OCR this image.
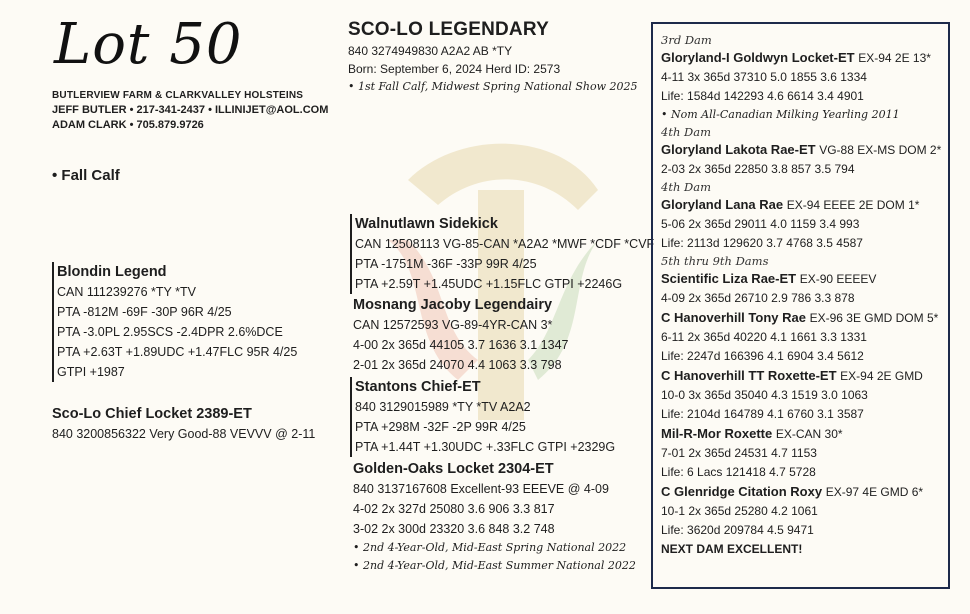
Lot 50
BUTLERVIEW FARM & CLARKVALLEY HOLSTEINS
JEFF BUTLER • 217-341-2437 • ILLINIJET@AOL.COM
ADAM CLARK • 705.879.9726
• Fall Calf
SCO-LO LEGENDARY
840 3274949830 A2A2 AB *TY
Born: September 6, 2024 Herd ID: 2573
• 1st Fall Calf, Midwest Spring National Show 2025
Blondin Legend
CAN 111239276 *TY *TV
PTA -812M -69F -30P 96R 4/25
PTA -3.0PL 2.95SCS -2.4DPR 2.6%DCE
PTA +2.63T +1.89UDC +1.47FLC 95R 4/25
GTPI +1987
Sco-Lo Chief Locket 2389-ET
840 3200856322 Very Good-88 VEVVV @ 2-11
Walnutlawn Sidekick
CAN 12508113 VG-85-CAN *A2A2 *MWF *CDF *CVF
PTA -1751M -36F -33P 99R 4/25
PTA +2.59T +1.45UDC +1.15FLC GTPI +2246G
Mosnang Jacoby Legendairy
CAN 12572593 VG-89-4YR-CAN 3*
4-00 2x 365d 44105 3.7 1636 3.1 1347
2-01 2x 365d 24070 4.4 1063 3.3 798
Stantons Chief-ET
840 3129015989 *TY *TV A2A2
PTA +298M -32F -2P 99R 4/25
PTA +1.44T +1.30UDC +.33FLC GTPI +2329G
Golden-Oaks Locket 2304-ET
840 3137167608 Excellent-93 EEEVE @ 4-09
4-02 2x 327d 25080 3.6 906 3.3 817
3-02 2x 300d 23320 3.6 848 3.2 748
• 2nd 4-Year-Old, Mid-East Spring National 2022
• 2nd 4-Year-Old, Mid-East Summer National 2022
3rd Dam
Gloryland-I Goldwyn Locket-ET EX-94 2E 13*
4-11 3x 365d 37310 5.0 1855 3.6 1334
Life: 1584d 142293 4.6 6614 3.4 4901
• Nom All-Canadian Milking Yearling 2011
4th Dam
Gloryland Lakota Rae-ET VG-88 EX-MS DOM 2*
2-03 2x 365d 22850 3.8 857 3.5 794
4th Dam
Gloryland Lana Rae EX-94 EEEE 2E DOM 1*
5-06 2x 365d 29011 4.0 1159 3.4 993
Life: 2113d 129620 3.7 4768 3.5 4587
5th thru 9th Dams
Scientific Liza Rae-ET EX-90 EEEEV
4-09 2x 365d 26710 2.9 786 3.3 878
C Hanoverhill Tony Rae EX-96 3E GMD DOM 5*
6-11 2x 365d 40220 4.1 1661 3.3 1331
Life: 2247d 166396 4.1 6904 3.4 5612
C Hanoverhill TT Roxette-ET EX-94 2E GMD
10-0 3x 365d 35040 4.3 1519 3.0 1063
Life: 2104d 164789 4.1 6760 3.1 3587
Mil-R-Mor Roxette EX-CAN 30*
7-01 2x 365d 24531 4.7 1153
Life: 6 Lacs 121418 4.7 5728
C Glenridge Citation Roxy EX-97 4E GMD 6*
10-1 2x 365d 25280 4.2 1061
Life: 3620d 209784 4.5 9471
NEXT DAM EXCELLENT!
